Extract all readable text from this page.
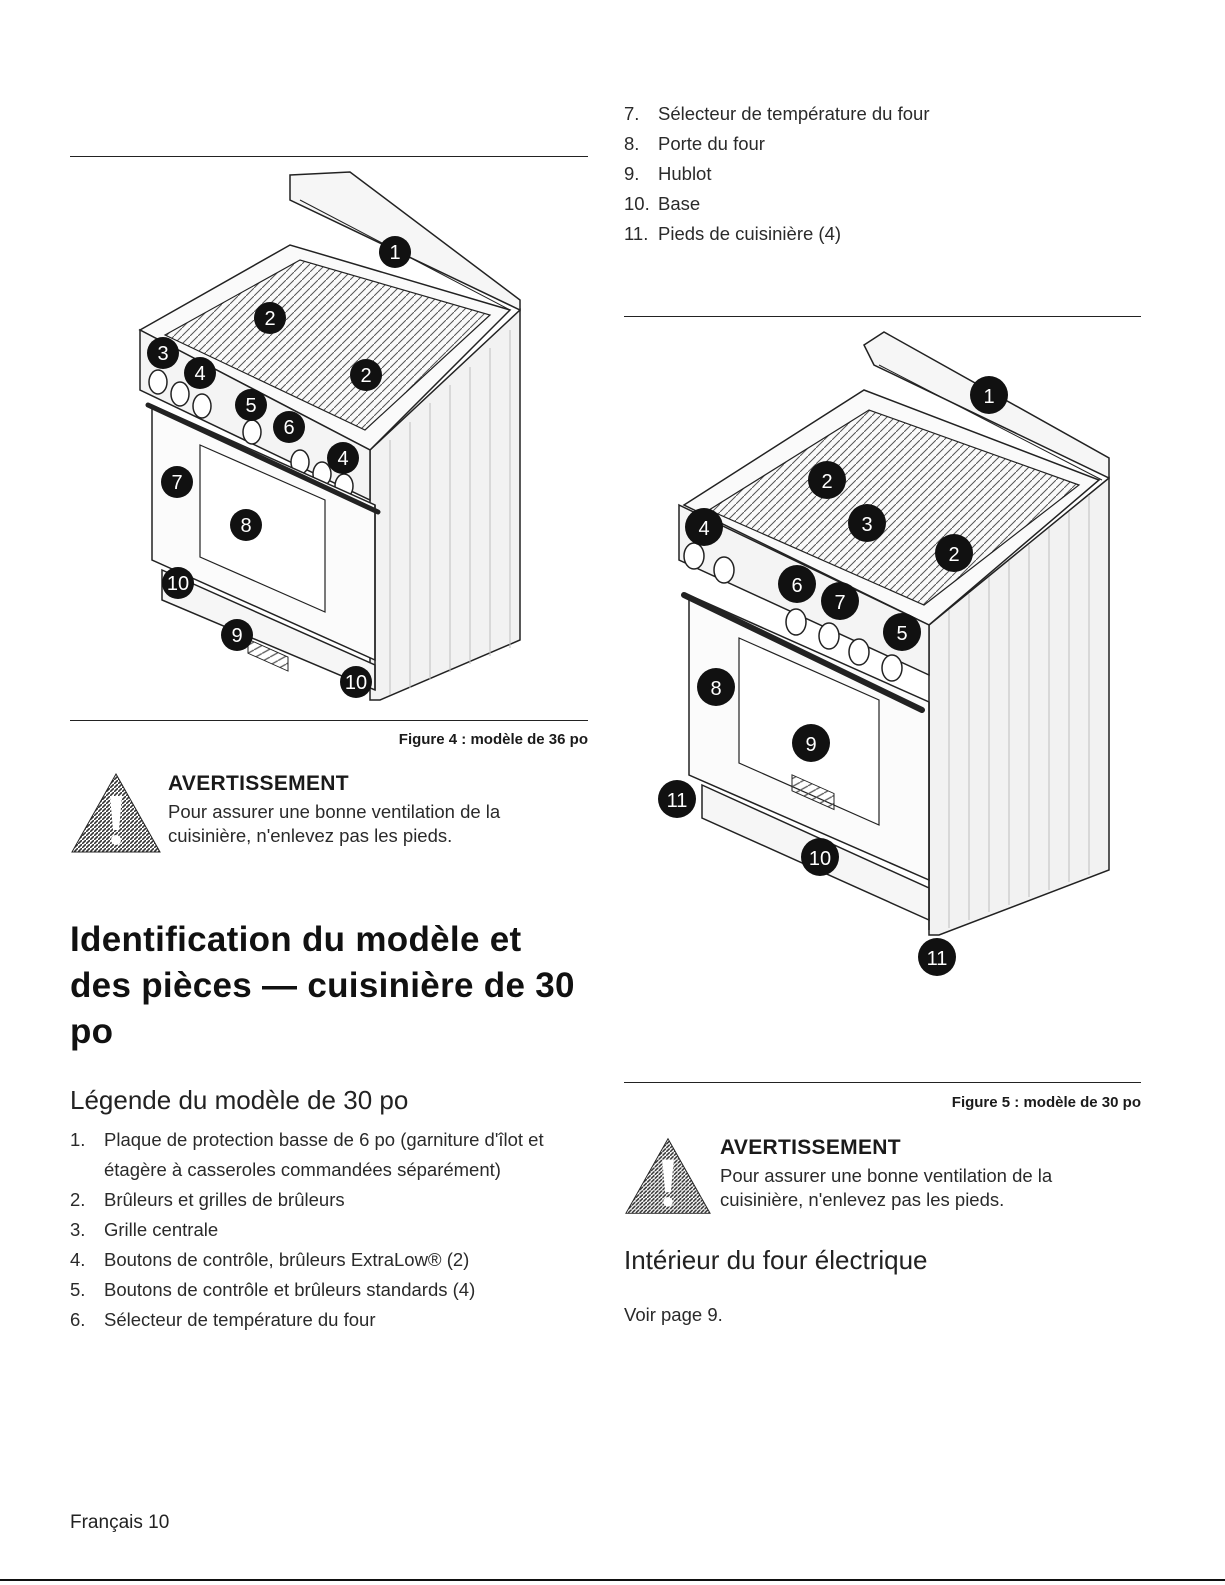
1
2
2
3
4
5
6
4
7
8
10
9
10
Figure 4 : modèle de 36 po
AVERTISSEMENT
Pour assurer une bonne ventilation de la
cuisinière, n'enlevez pas les pieds.
Identification du modèle et
des pièces — cuisinière de 30
po
Légende du modèle de 30 po
1. Plaque de protection basse de 6 po (garniture d'îlot et
étagère à casseroles commandées séparément)
2. Brûleurs et grilles de brûleurs
3. Grille centrale
4. Boutons de contrôle, brûleurs ExtraLow® (2)
5. Boutons de contrôle et brûleurs standards (4)
6. Sélecteur de température du four
Français 10
7. Sélecteur de température du four
8. Porte du four
9. Hublot
10. Base
11. Pieds de cuisinière (4)
1
2
3
2
4
6
7
5
8
9
11
10
11
Figure 5 : modèle de 30 po
AVERTISSEMENT
Pour assurer une bonne ventilation de la
cuisinière, n'enlevez pas les pieds.
Intérieur du four électrique
Voir page 9.
